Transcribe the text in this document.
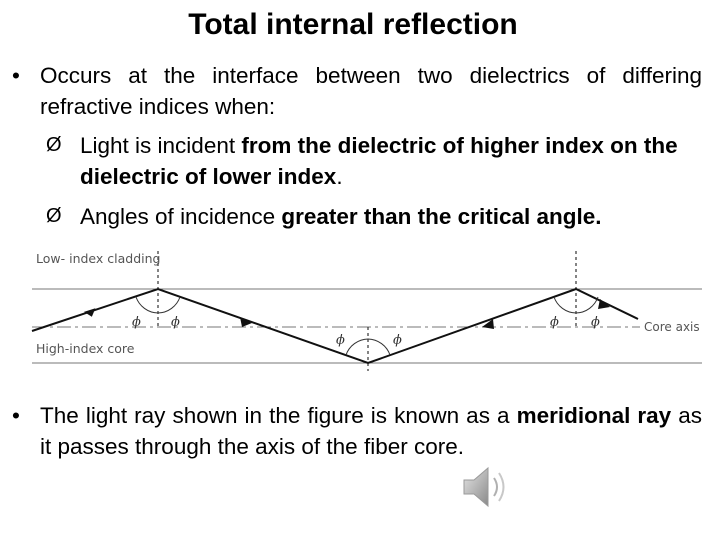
Total internal reflection
• Occurs at the interface between two dielectrics of differing refractive indices when:
Ø Light is incident from the dielectric of higher index on the dielectric of lower index.
Ø Angles of incidence greater than the critical angle.
ϕ ϕ
ϕ	ϕ
ϕ ϕ
Low- index cladding
High-index core
Core axis
• The light ray shown in the figure is known as a meridional ray as it passes through the axis of the fiber core.
